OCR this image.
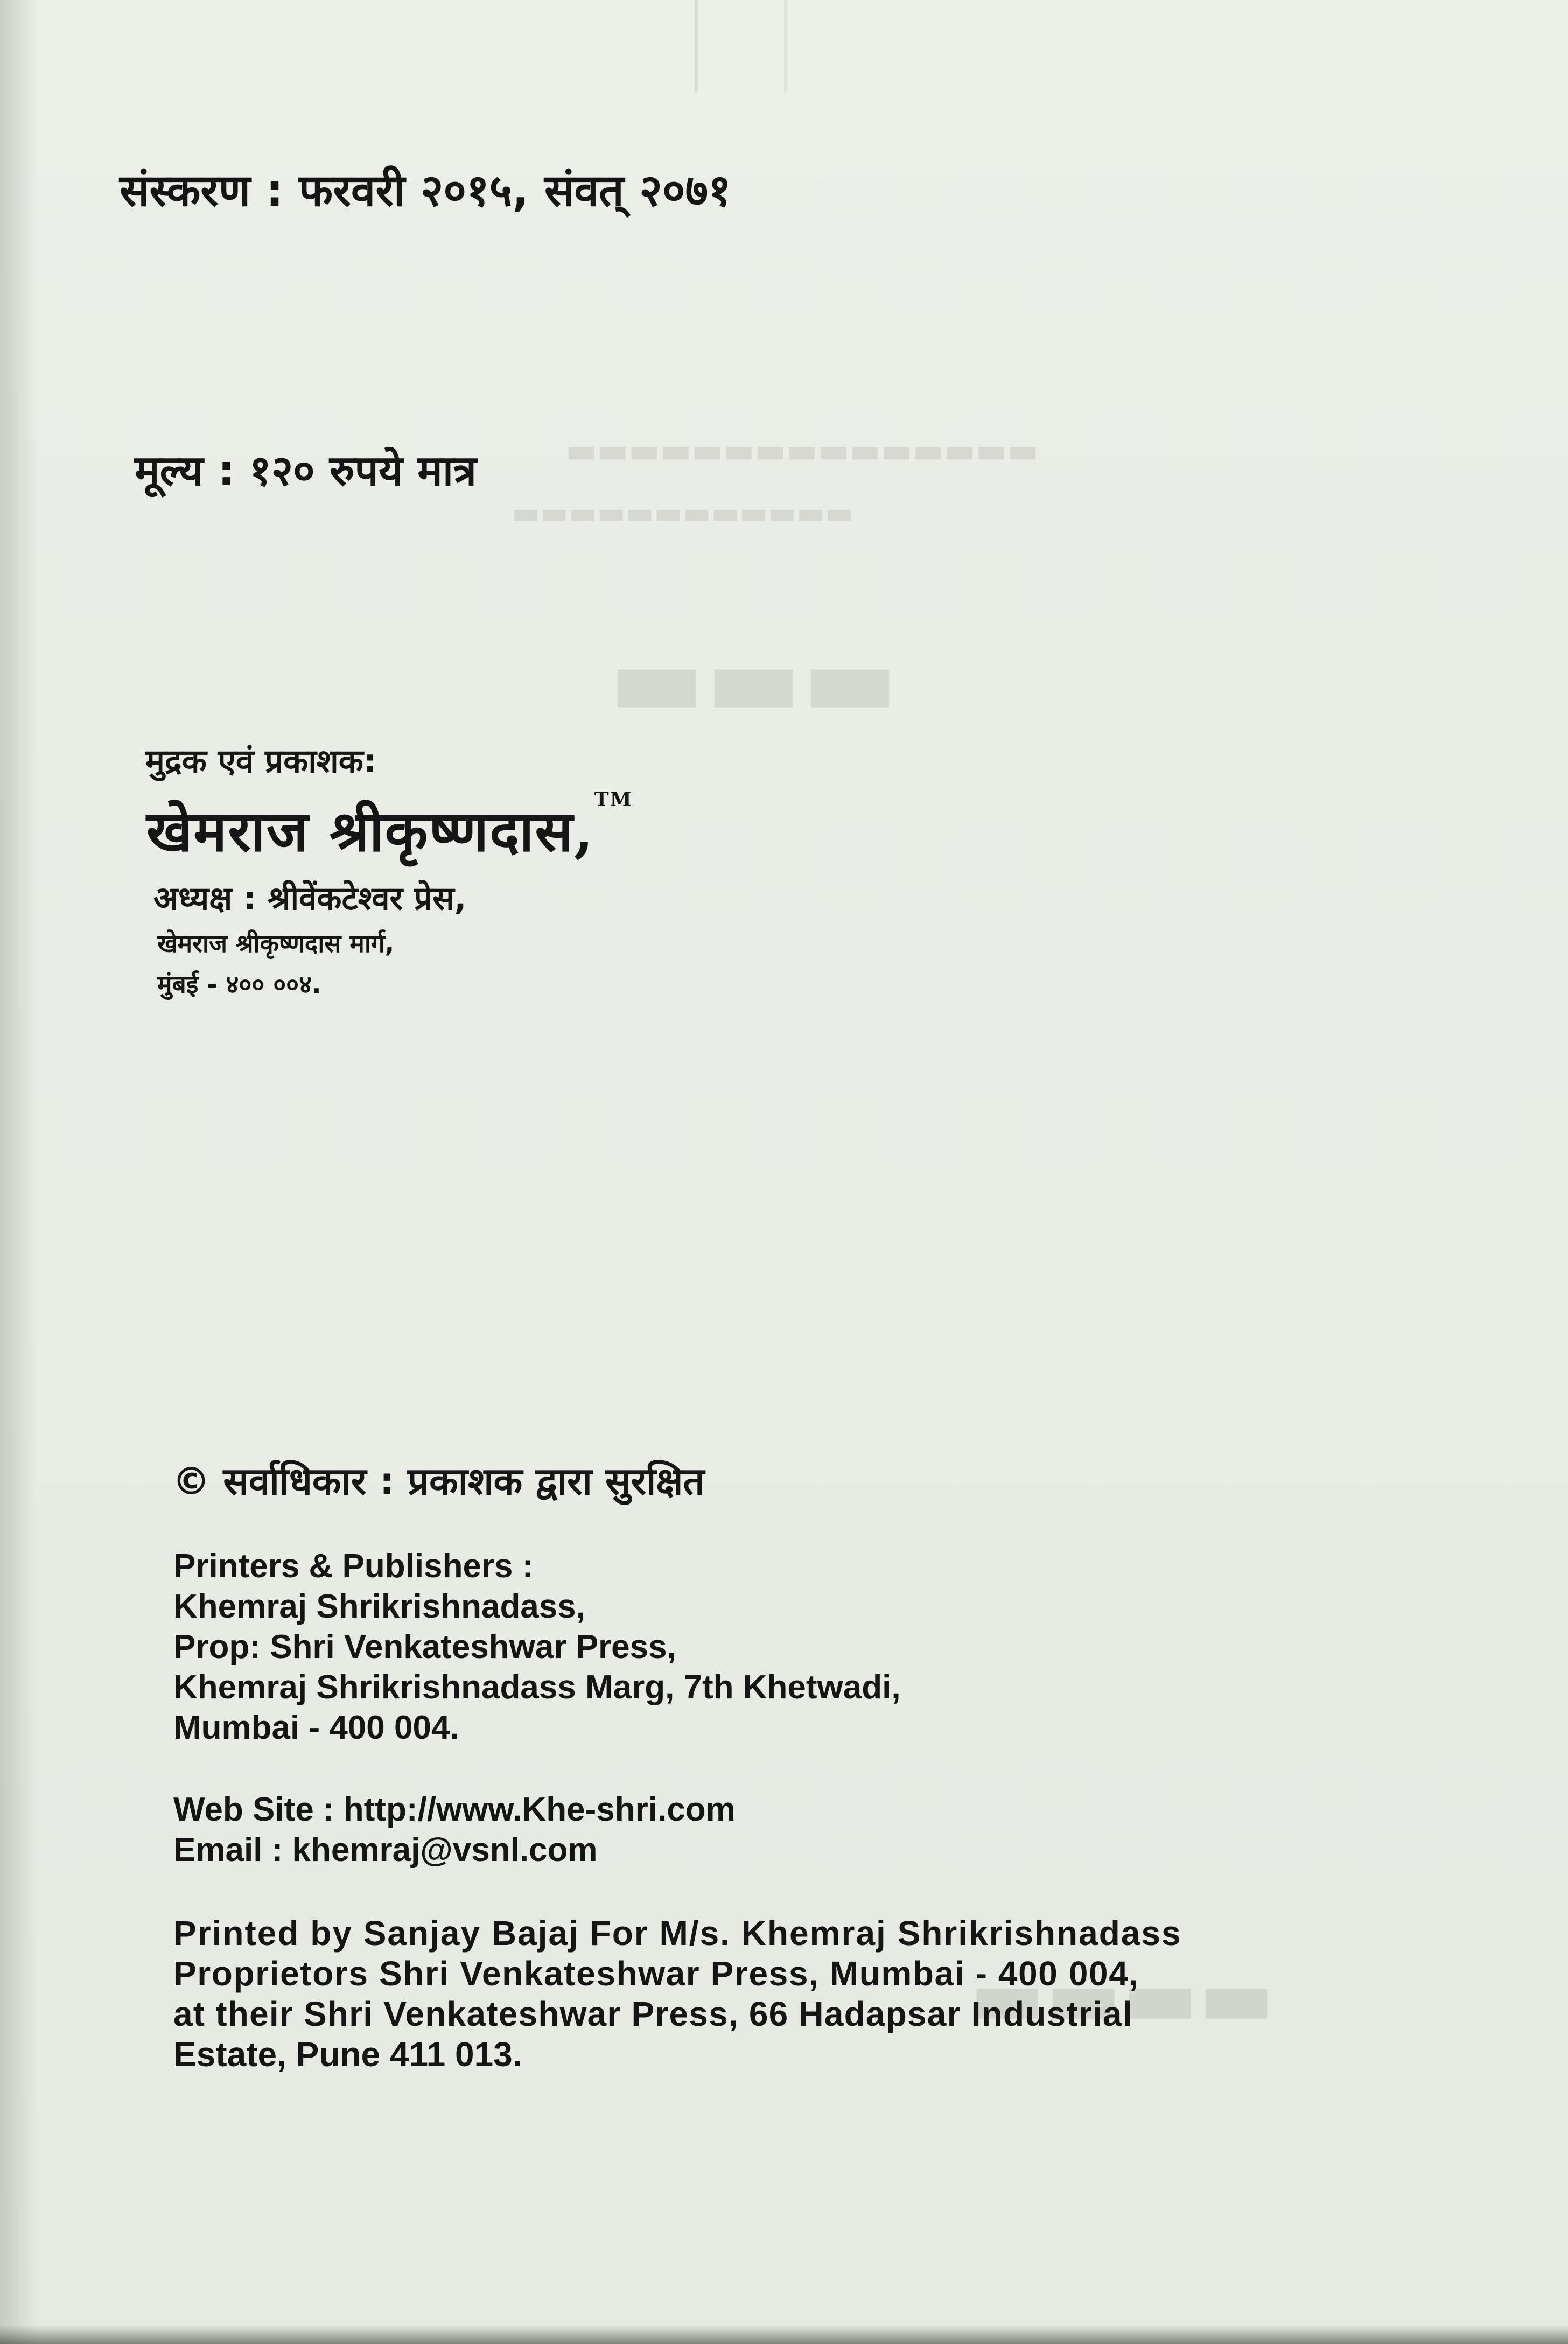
▬▬▬▬▬▬▬▬▬▬▬▬▬▬▬
▬▬▬▬▬▬▬▬▬▬▬▬
▬▬▬
▬▬▬▬
संस्करण : फरवरी २०१५, संवत् २०७१
मूल्य : १२० रुपये मात्र
मुद्रक एवं प्रकाशक:
खेमराज श्रीकृष्णदास,™
अध्यक्ष : श्रीवेंकटेश्वर प्रेस,
खेमराज श्रीकृष्णदास मार्ग,
मुंबई - ४०० ००४.
© सर्वाधिकार : प्रकाशक द्वारा सुरक्षित
Printers & Publishers :
Khemraj Shrikrishnadass,
Prop: Shri Venkateshwar Press,
Khemraj Shrikrishnadass Marg, 7th Khetwadi,
Mumbai - 400 004.
Web Site : http://www.Khe-shri.com
Email : khemraj@vsnl.com
Printed by Sanjay Bajaj For M/s. Khemraj Shrikrishnadass
Proprietors Shri Venkateshwar Press, Mumbai - 400 004,
at their Shri Venkateshwar Press, 66 Hadapsar Industrial
Estate, Pune 411 013.
